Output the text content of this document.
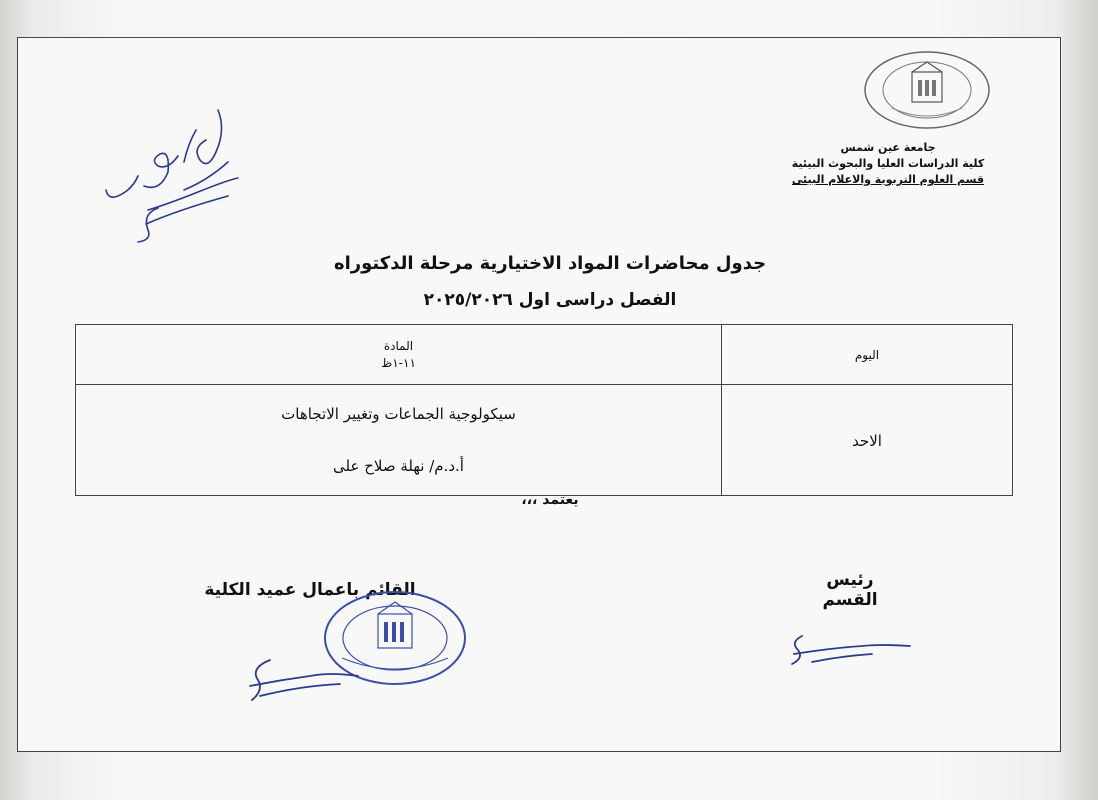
جامعة عين شمس
كلية الدراسات العليا والبحوث البيئية
قسم العلوم التربوية والاعلام البيئى
جدول محاضرات المواد الاختيارية مرحلة الدكتوراه
الفصل دراسى اول ٢٠٢٥/٢٠٢٦
اليوم	المادة
١١-١ظ

الاحد	سيكولوجية الجماعات وتغيير الاتجاهات
أ.د.م/ نهلة صلاح على
يعتمد ،،،
القائم باعمال عميد الكلية	رئيس القسم
